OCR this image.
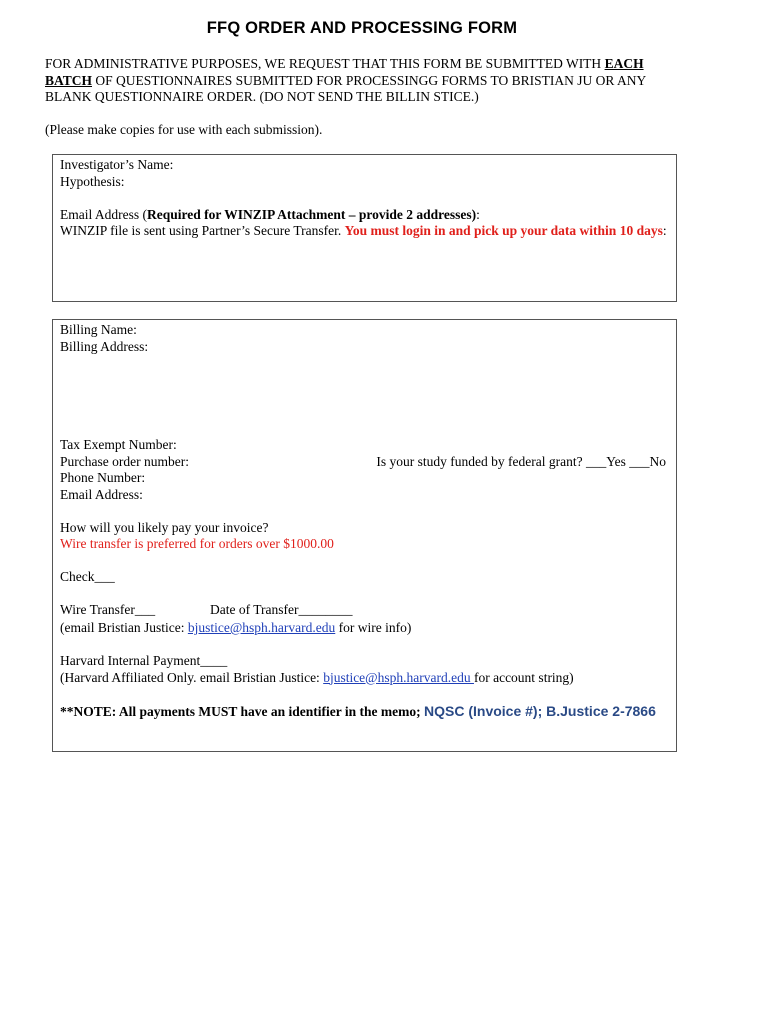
FFQ ORDER AND PROCESSING FORM
FOR ADMINISTRATIVE PURPOSES, WE REQUEST THAT THIS FORM BE SUBMITTED WITH EACH BATCH OF QUESTIONNAIRES SUBMITTED FOR PROCESSINGG FORMS TO BRISTIAN JU OR ANY BLANK QUESTIONNAIRE ORDER. (DO NOT SEND THE BILLIN STICE.)
(Please make copies for use with each submission).
Investigator’s Name:
Hypothesis:
Email Address (Required for WINZIP Attachment – provide 2 addresses):
WINZIP file is sent using Partner’s Secure Transfer. You must login in and pick up your data within 10 days:
Billing Name:
Billing Address:
Tax Exempt Number:
Purchase order number:	Is your study funded by federal grant? ___Yes ___No
Phone Number:
Email Address:
How will you likely pay your invoice?
Wire transfer is preferred for orders over $1000.00
Check___
Wire Transfer___	Date of Transfer________
(email Bristian Justice: bjustice@hsph.harvard.edu for wire info)
Harvard Internal Payment____
(Harvard Affiliated Only. email Bristian Justice: bjustice@hsph.harvard.edu for account string)
**NOTE: All payments MUST have an identifier in the memo; NQSC (Invoice #); B.Justice 2-7866
